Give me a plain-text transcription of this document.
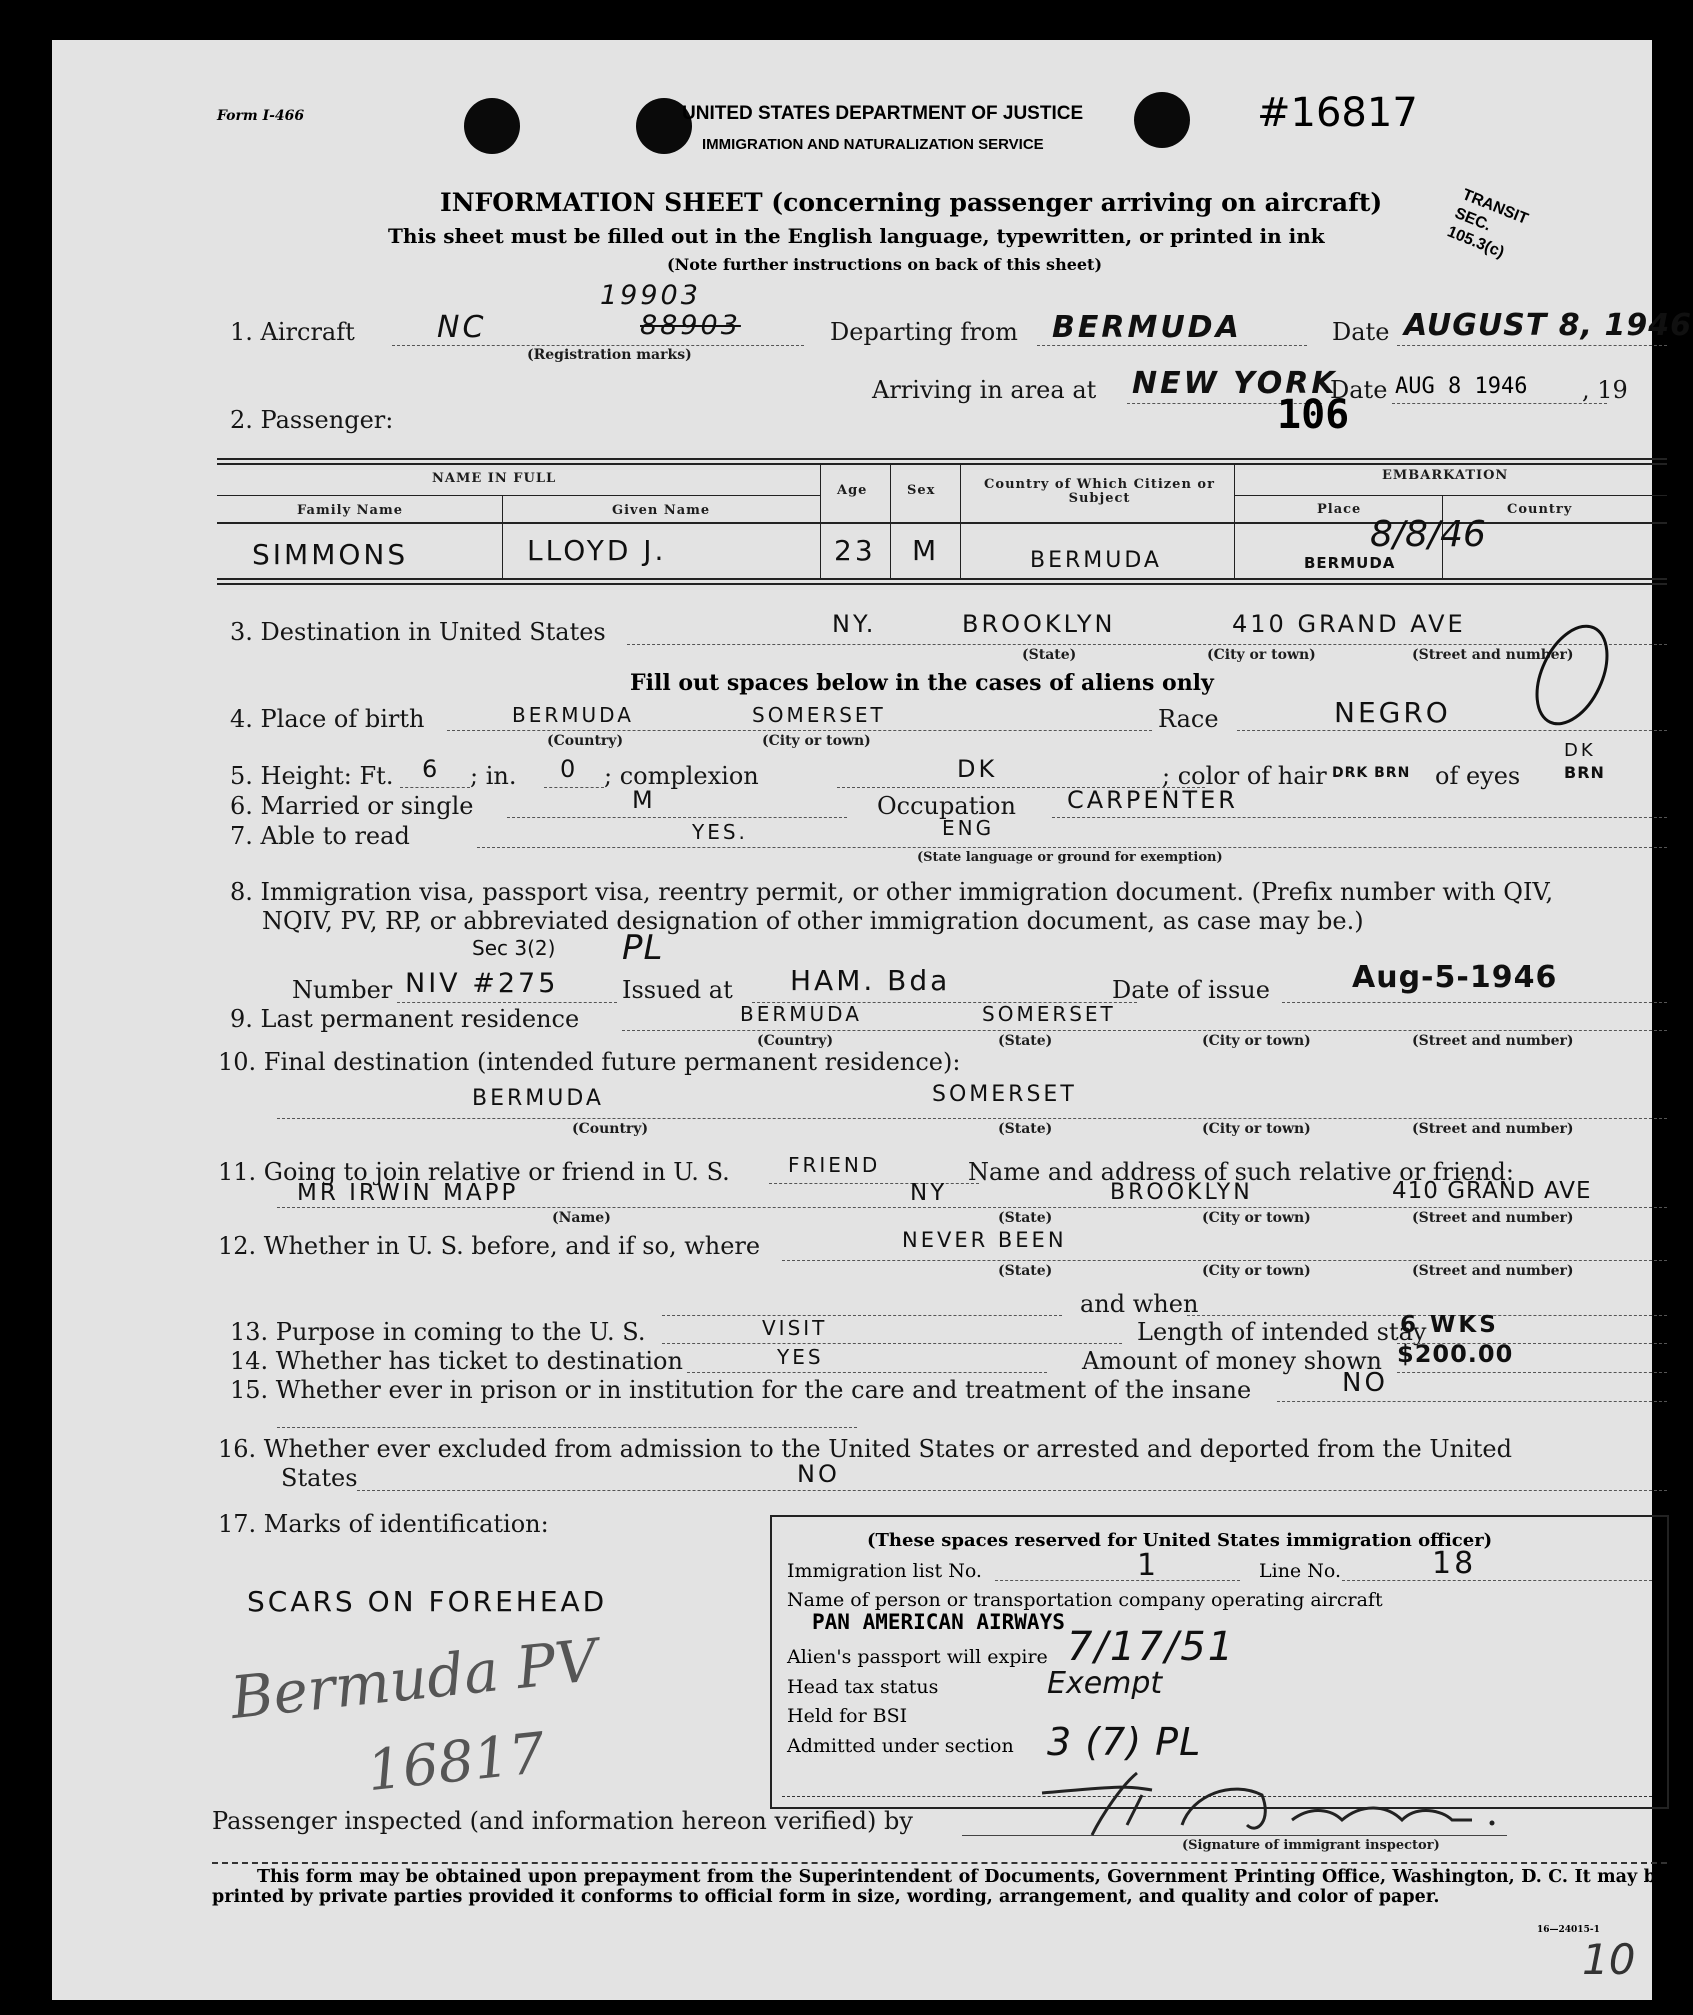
Form I-466	UNITED STATES DEPARTMENT OF JUSTICE
IMMIGRATION AND NATURALIZATION SERVICE
#16817
INFORMATION SHEET (concerning passenger arriving on aircraft)
This sheet must be filled out in the English language, typewritten, or printed in ink
(Note further instructions on back of this sheet)
TRANSIT SEC. 105.3(c)
1. Aircraft	NC
19903
88903
(Registration marks)
Departing from BERMUDA	Date AUGUST 8, 1946
Arriving in area at NEW YORK
Date AUG 8 1946 , 19
106
2. Passenger:
NAME IN FULL
Family Name	Given Name
Age	Sex	Country of Which Citizen or Subject
EMBARKATION
Place	Country
SIMMONS	LLOYD J.	23 M	BERMUDA	BERMUDA
8/8/46
3. Destination in United States	NY.	BROOKLYN	410 GRAND AVE
(State)	(City or town)	(Street and number)
Fill out spaces below in the cases of aliens only
4. Place of birth	BERMUDA	SOMERSET
(Country)	(City or town)
Race	NEGRO
5. Height: Ft. 6 ; in. 0 ; complexion	DK	; color of hair DRK BRN of eyes
DK
BRN
6. Married or single	M	Occupation CARPENTER
7. Able to read	YES.	ENG
(State language or ground for exemption)
8. Immigration visa, passport visa, reentry permit, or other immigration document. (Prefix number with QIV,
NQIV, PV, RP, or abbreviated designation of other immigration document, as case may be.)
Number NIV #275
Sec 3(2) PL
Issued at HAM. Bda	Date of issue	Aug-5-1946
9. Last permanent residence	BERMUDA	SOMERSET
(Country)	(State)	(City or town)	(Street and number)
10. Final destination (intended future permanent residence):
BERMUDA	SOMERSET
(Country)	(State)	(City or town)	(Street and number)
11. Going to join relative or friend in U. S.	FRIEND	Name and address of such relative or friend:
MR IRWIN MAPP	NY	BROOKLYN	410 GRAND AVE
(Name)	(State)	(City or town)	(Street and number)
12. Whether in U. S. before, and if so, where	NEVER BEEN
(State)	(City or town)	(Street and number)
and when
13. Purpose in coming to the U. S.	VISIT	Length of intended stay
6 WKS
14. Whether has ticket to destination	YES	Amount of money shown $200.00
15. Whether ever in prison or in institution for the care and treatment of the insane	NO
16. Whether ever excluded from admission to the United States or arrested and deported from the United
States	NO
17. Marks of identification:
SCARS ON FOREHEAD
Bermuda PV
16817
(These spaces reserved for United States immigration officer)
Immigration list No.	1	Line No.	18
Name of person or transportation company operating aircraft
PAN AMERICAN AIRWAYS
Alien's passport will expire 7/17/51
Head tax status	Exempt
Held for BSI
Admitted under section 3 (7) PL
Passenger inspected (and information hereon verified) by
(Signature of immigrant inspector)
This form may be obtained upon prepayment from the Superintendent of Documents, Government Printing Office, Washington, D. C. It may be printed by private parties provided it conforms to official form in size, wording, arrangement, and quality and color of paper.
16—24015-1
10
